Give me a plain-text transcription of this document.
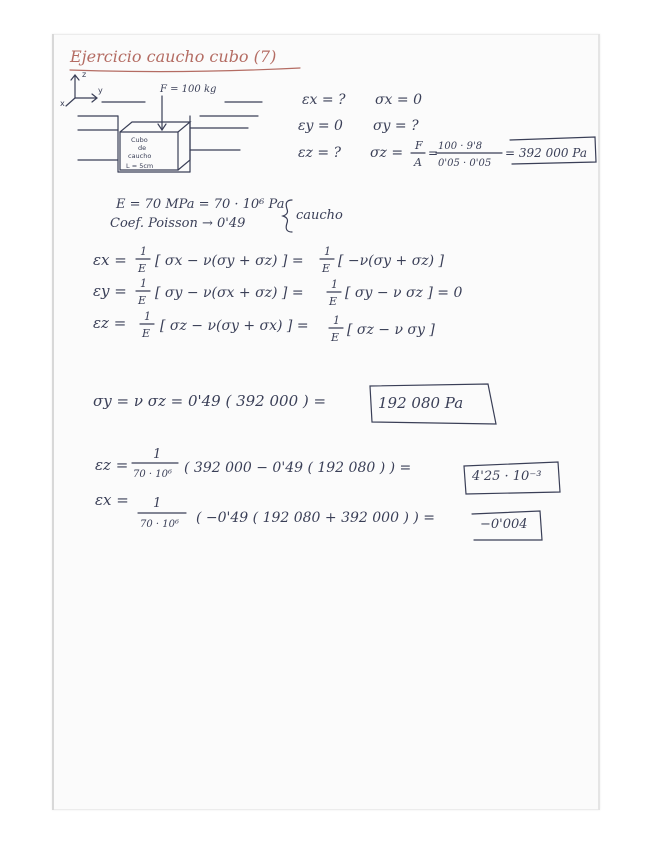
Ejercicio caucho cubo (7)
z
y
x
F = 100 kg
Cubo
de
caucho
L = 5cm
εx = ? σx = 0
εy = 0 σy = ?
εz = ? σz = F
A
= 100 · 9'8
0'05 · 0'05
= 392 000 Pa
E = 70 MPa = 70 · 10⁶ Pa
Coef. Poisson → 0'49
caucho
εx = 1
E [ σx − ν(σy + σz) ] =
1
E [ −ν(σy + σz) ]
εy = 1
E [ σy − ν(σx + σz) ] =
1
E
[ σy − ν σz ] = 0
εz = 1
E [ σz − ν(σy + σx) ] = 1
E [ σz − ν σy ]
σy = ν σz = 0'49 ( 392 000 ) =	192 080 Pa
εz =
1
70 · 10⁶ ( 392 000 − 0'49 ( 192 080 ) ) =
4'25 · 10⁻³
εx = 1
70 · 10⁶ ( −0'49 ( 192 080 + 392 000 ) ) =	−0'004
